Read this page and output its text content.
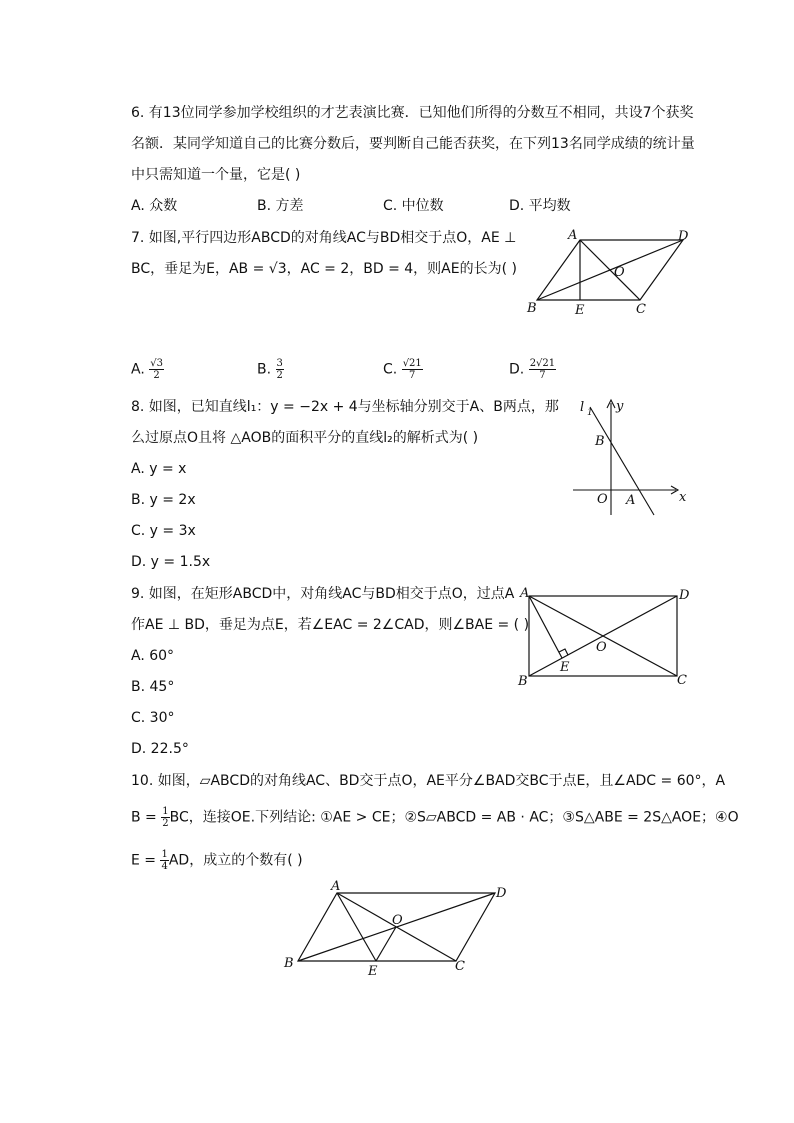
6. 有13位同学参加学校组织的才艺表演比赛．已知他们所得的分数互不相同，共设7个获奖
名额．某同学知道自己的比赛分数后，要判断自己能否获奖，在下列13名同学成绩的统计量
中只需知道一个量，它是( )
A. 众数	B. 方差	C. 中位数	D. 平均数
7. 如图,平行四边形ABCD的对角线AC与BD相交于点O，AE ⊥
BC，垂足为E，AB = √3，AC = 2，BD = 4，则AE的长为( )
A	D
O
B	E	C
A. $\frac{√3}{2}$	B. $\frac{3}{2}$	C. $\frac{√21}{7}$	D. $\frac{2√21}{7}$
8. 如图，已知直线l₁：y = −2x + 4与坐标轴分别交于A、B两点，那
么过原点O且将 △AOB的面积平分的直线l₂的解析式为( )
A. y = x
B. y = 2x
C. y = 3x
D. y = 1.5x
l 1 y
B
O A	x
9. 如图，在矩形ABCD中，对角线AC与BD相交于点O，过点A
作AE ⊥ BD，垂足为点E，若∠EAC = 2∠CAD，则∠BAE = ( )
A. 60°
B. 45°
C. 30°
D. 22.5°
A	D
O
E
B	C
10. 如图，▱ABCD的对角线AC、BD交于点O，AE平分∠BAD交BC于点E，且∠ADC = 60°，A
$B = \frac{1}{2}$ BC，连接OE.下列结论: ①AE > CE；②S▱ABCD = AB · AC；③S△ABE = 2S△AOE；④O
$E = \frac{1}{4}$ AD，成立的个数有( )
A	D
O
B
E	C
